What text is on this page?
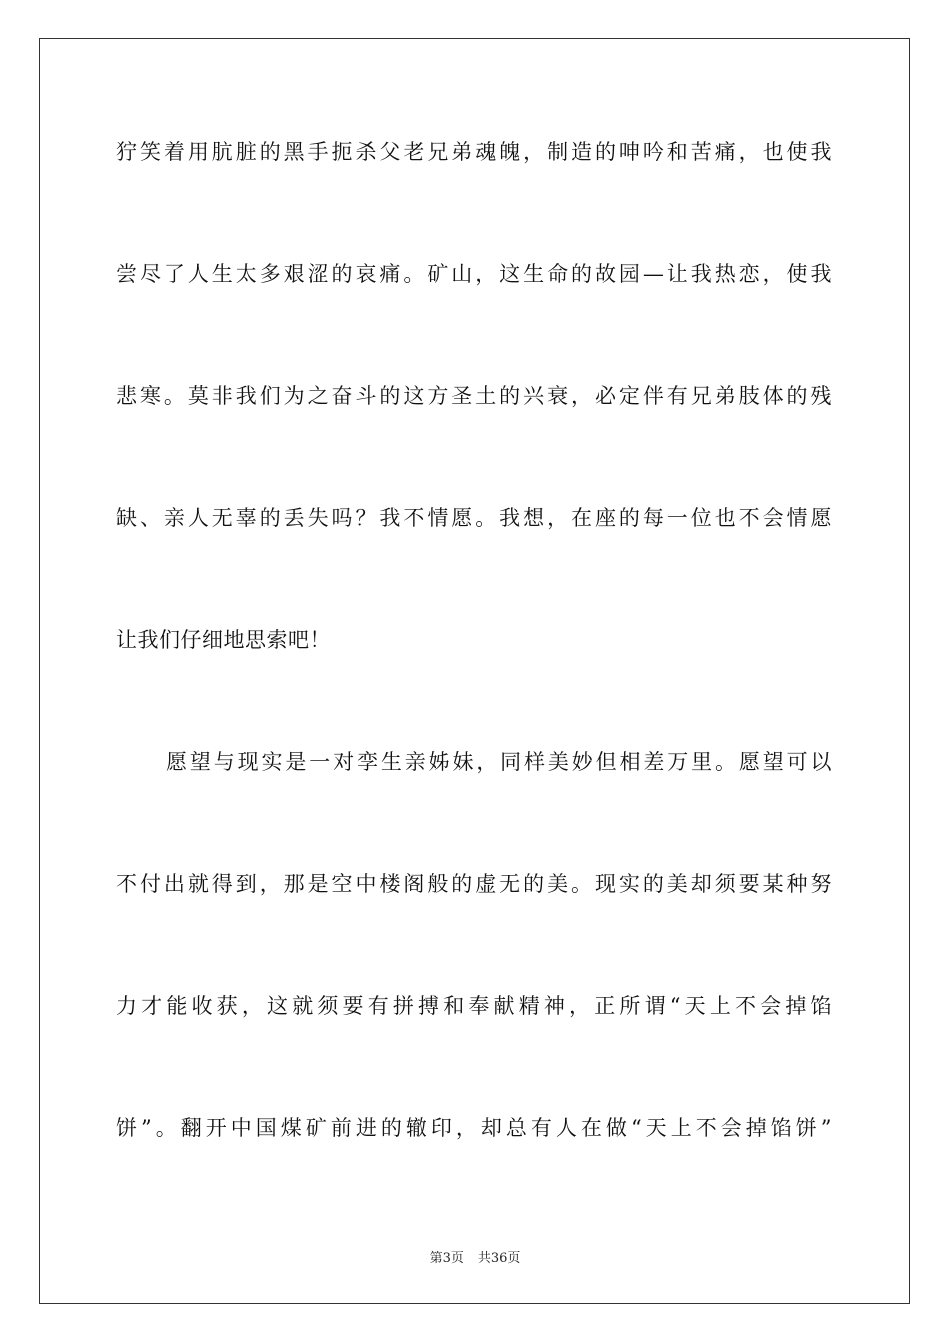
狞笑着用肮脏的黑手扼杀父老兄弟魂魄，制造的呻吟和苦痛，也使我
尝尽了人生太多艰涩的哀痛。矿山，这生命的故园—让我热恋，使我
悲寒。莫非我们为之奋斗的这方圣土的兴衰，必定伴有兄弟肢体的残
缺、亲人无辜的丢失吗？我不情愿。我想，在座的每一位也不会情愿
让我们仔细地思索吧！
愿望与现实是一对孪生亲姊妹，同样美妙但相差万里。愿望可以
不付出就得到，那是空中楼阁般的虚无的美。现实的美却须要某种努
力才能收获，这就须要有拼搏和奉献精神，正所谓“天上不会掉馅
饼”。翻开中国煤矿前进的辙印，却总有人在做“天上不会掉馅饼”
第3页 共36页
